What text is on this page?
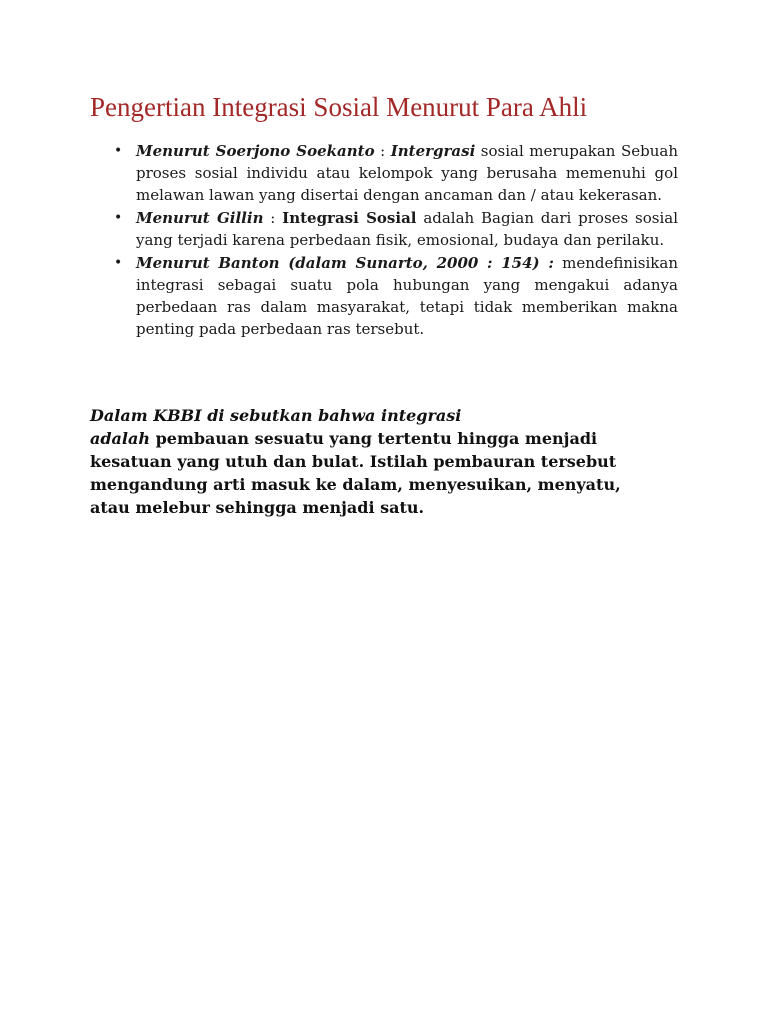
Pengertian Integrasi Sosial Menurut Para Ahli
• Menurut Soerjono Soekanto : Intergrasi sosial merupakan Sebuah proses sosial individu atau kelompok yang berusaha memenuhi gol melawan lawan yang disertai dengan ancaman dan / atau kekerasan.
• Menurut Gillin : Integrasi Sosial adalah Bagian dari proses sosial yang terjadi karena perbedaan fisik, emosional, budaya dan perilaku.
• Menurut Banton (dalam Sunarto, 2000 : 154) : mendefinisikan integrasi sebagai suatu pola hubungan yang mengakui adanya perbedaan ras dalam masyarakat, tetapi tidak memberikan makna penting pada perbedaan ras tersebut.

Dalam KBBI di sebutkan bahwa integrasi
adalah pembauan sesuatu yang tertentu hingga menjadi
kesatuan yang utuh dan bulat. Istilah pembauran tersebut
mengandung arti masuk ke dalam, menyesuikan, menyatu,
atau melebur sehingga menjadi satu.
